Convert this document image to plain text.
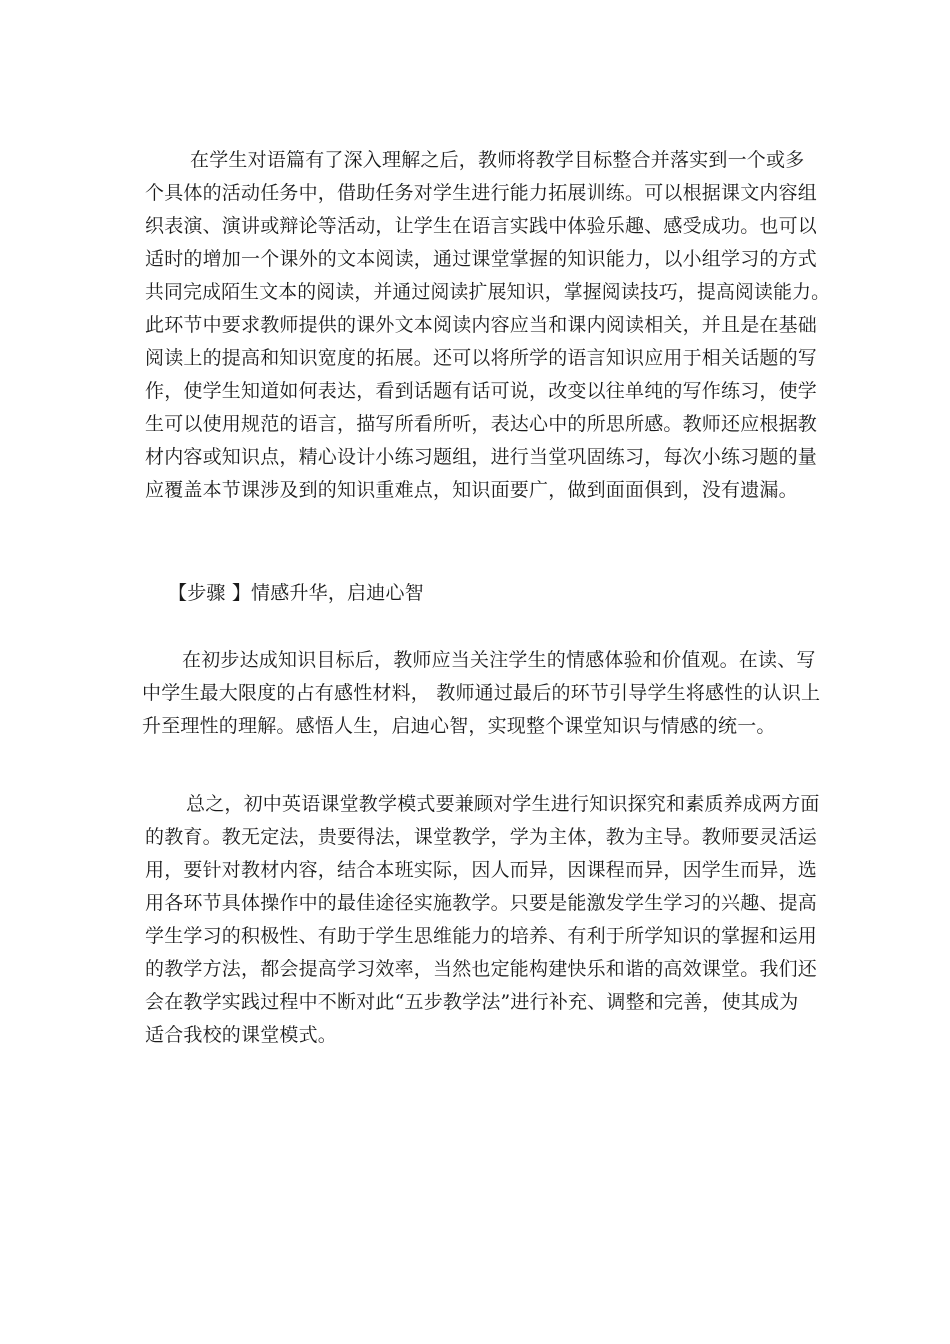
在学生对语篇有了深入理解之后，教师将教学目标整合并落实到一个或多
个具体的活动任务中，借助任务对学生进行能力拓展训练。可以根据课文内容组
织表演、演讲或辩论等活动，让学生在语言实践中体验乐趣、感受成功。也可以
适时的增加一个课外的文本阅读，通过课堂掌握的知识能力，以小组学习的方式
共同完成陌生文本的阅读，并通过阅读扩展知识，掌握阅读技巧，提高阅读能力。
此环节中要求教师提供的课外文本阅读内容应当和课内阅读相关，并且是在基础
阅读上的提高和知识宽度的拓展。还可以将所学的语言知识应用于相关话题的写
作，使学生知道如何表达，看到话题有话可说，改变以往单纯的写作练习，使学
生可以使用规范的语言，描写所看所听，表达心中的所思所感。教师还应根据教
材内容或知识点，精心设计小练习题组，进行当堂巩固练习，每次小练习题的量
应覆盖本节课涉及到的知识重难点，知识面要广，做到面面俱到，没有遗漏。
【步骤 】情感升华，启迪心智
在初步达成知识目标后，教师应当关注学生的情感体验和价值观。在读、写
中学生最大限度的占有感性材料， 教师通过最后的环节引导学生将感性的认识上
升至理性的理解。感悟人生，启迪心智，实现整个课堂知识与情感的统一。
总之，初中英语课堂教学模式要兼顾对学生进行知识探究和素质养成两方面
的教育。教无定法，贵要得法，课堂教学，学为主体，教为主导。教师要灵活运
用，要针对教材内容，结合本班实际，因人而异，因课程而异，因学生而异，选
用各环节具体操作中的最佳途径实施教学。只要是能激发学生学习的兴趣、提高
学生学习的积极性、有助于学生思维能力的培养、有利于所学知识的掌握和运用
的教学方法，都会提高学习效率，当然也定能构建快乐和谐的高效课堂。我们还
会在教学实践过程中不断对此“五步教学法”进行补充、调整和完善，使其成为
适合我校的课堂模式。
